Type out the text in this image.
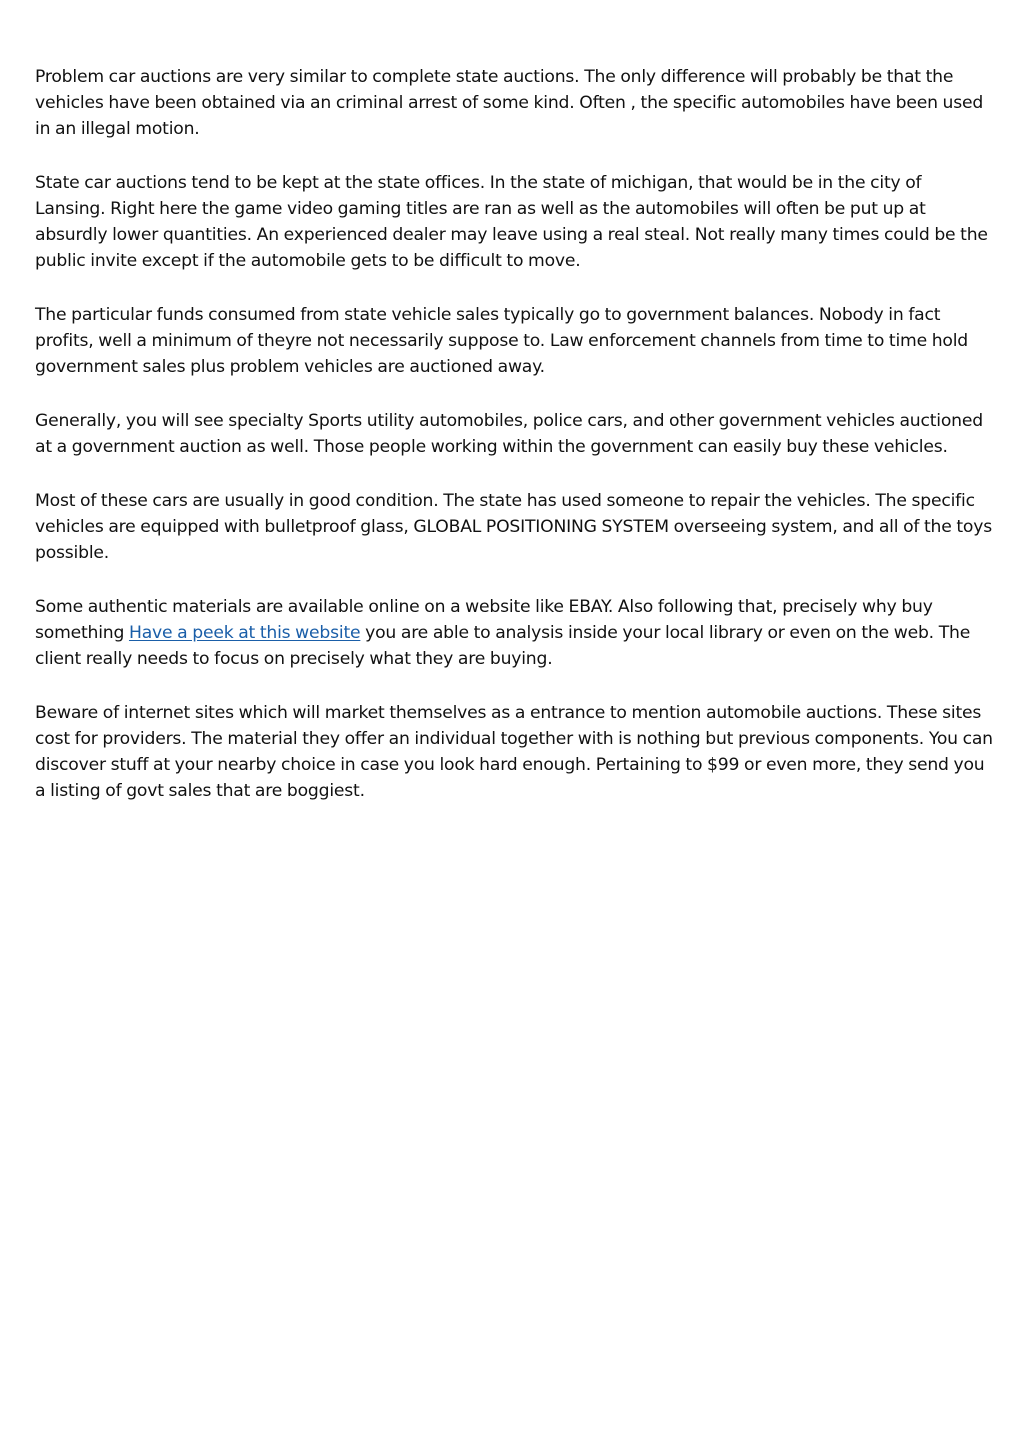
Problem car auctions are very similar to complete state auctions. The only difference will probably be that the vehicles have been obtained via an criminal arrest of some kind. Often , the specific automobiles have been used in an illegal motion.

State car auctions tend to be kept at the state offices. In the state of michigan, that would be in the city of Lansing. Right here the game video gaming titles are ran as well as the automobiles will often be put up at absurdly lower quantities. An experienced dealer may leave using a real steal. Not really many times could be the public invite except if the automobile gets to be difficult to move.

The particular funds consumed from state vehicle sales typically go to government balances. Nobody in fact profits, well a minimum of theyre not necessarily suppose to. Law enforcement channels from time to time hold government sales plus problem vehicles are auctioned away.

Generally, you will see specialty Sports utility automobiles, police cars, and other government vehicles auctioned at a government auction as well. Those people working within the government can easily buy these vehicles.

Most of these cars are usually in good condition. The state has used someone to repair the vehicles. The specific vehicles are equipped with bulletproof glass, GLOBAL POSITIONING SYSTEM overseeing system, and all of the toys possible.

Some authentic materials are available online on a website like EBAY. Also following that, precisely why buy something Have a peek at this website you are able to analysis inside your local library or even on the web. The client really needs to focus on precisely what they are buying.

Beware of internet sites which will market themselves as a entrance to mention automobile auctions. These sites cost for providers. The material they offer an individual together with is nothing but previous components. You can discover stuff at your nearby choice in case you look hard enough. Pertaining to $99 or even more, they send you a listing of govt sales that are boggiest.
